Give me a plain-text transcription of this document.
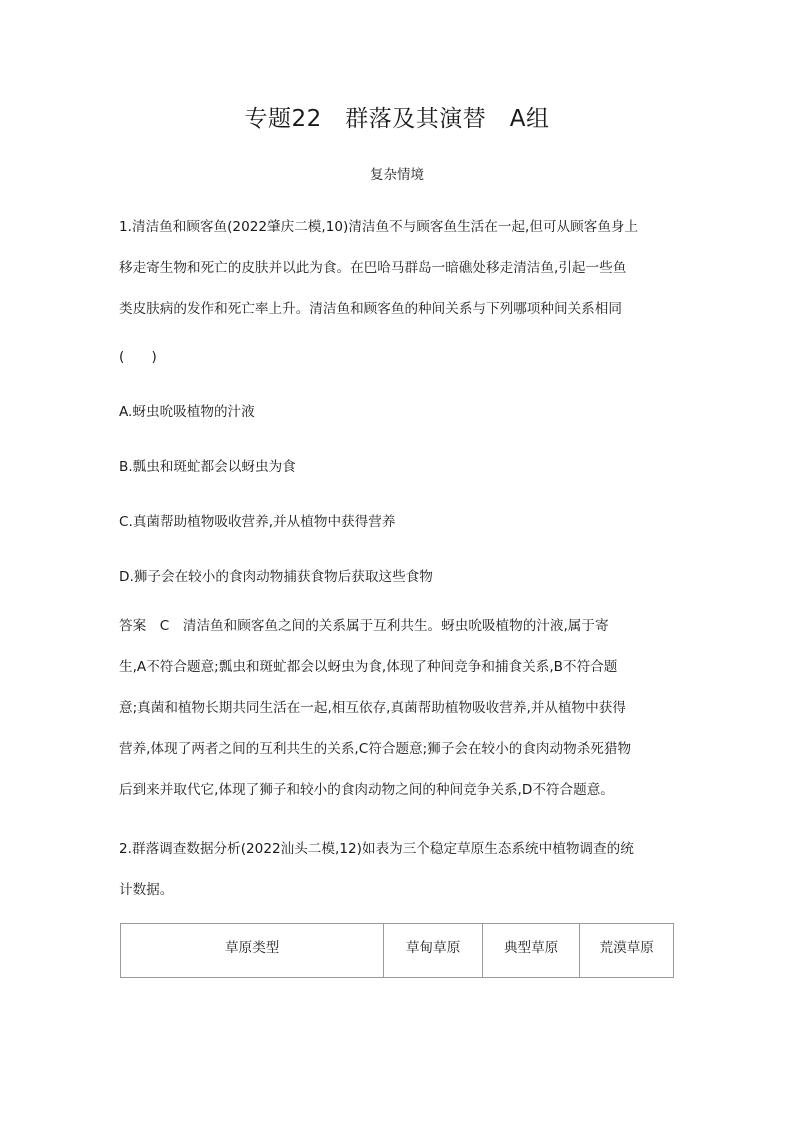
专题22　群落及其演替　A组
复杂情境
1.清洁鱼和顾客鱼(2022肇庆二模,10)清洁鱼不与顾客鱼生活在一起,但可从顾客鱼身上
移走寄生物和死亡的皮肤并以此为食。在巴哈马群岛一暗礁处移走清洁鱼,引起一些鱼
类皮肤病的发作和死亡率上升。清洁鱼和顾客鱼的种间关系与下列哪项种间关系相同
(　　)
A.蚜虫吮吸植物的汁液
B.瓢虫和斑虻都会以蚜虫为食
C.真菌帮助植物吸收营养,并从植物中获得营养
D.狮子会在较小的食肉动物捕获食物后获取这些食物
答案　C　清洁鱼和顾客鱼之间的关系属于互利共生。蚜虫吮吸植物的汁液,属于寄
生,A不符合题意;瓢虫和斑虻都会以蚜虫为食,体现了种间竞争和捕食关系,B不符合题
意;真菌和植物长期共同生活在一起,相互依存,真菌帮助植物吸收营养,并从植物中获得
营养,体现了两者之间的互利共生的关系,C符合题意;狮子会在较小的食肉动物杀死猎物
后到来并取代它,体现了狮子和较小的食肉动物之间的种间竞争关系,D不符合题意。
2.群落调查数据分析(2022汕头二模,12)如表为三个稳定草原生态系统中植物调查的统
计数据。
草原类型	草甸草原	典型草原	荒漠草原
